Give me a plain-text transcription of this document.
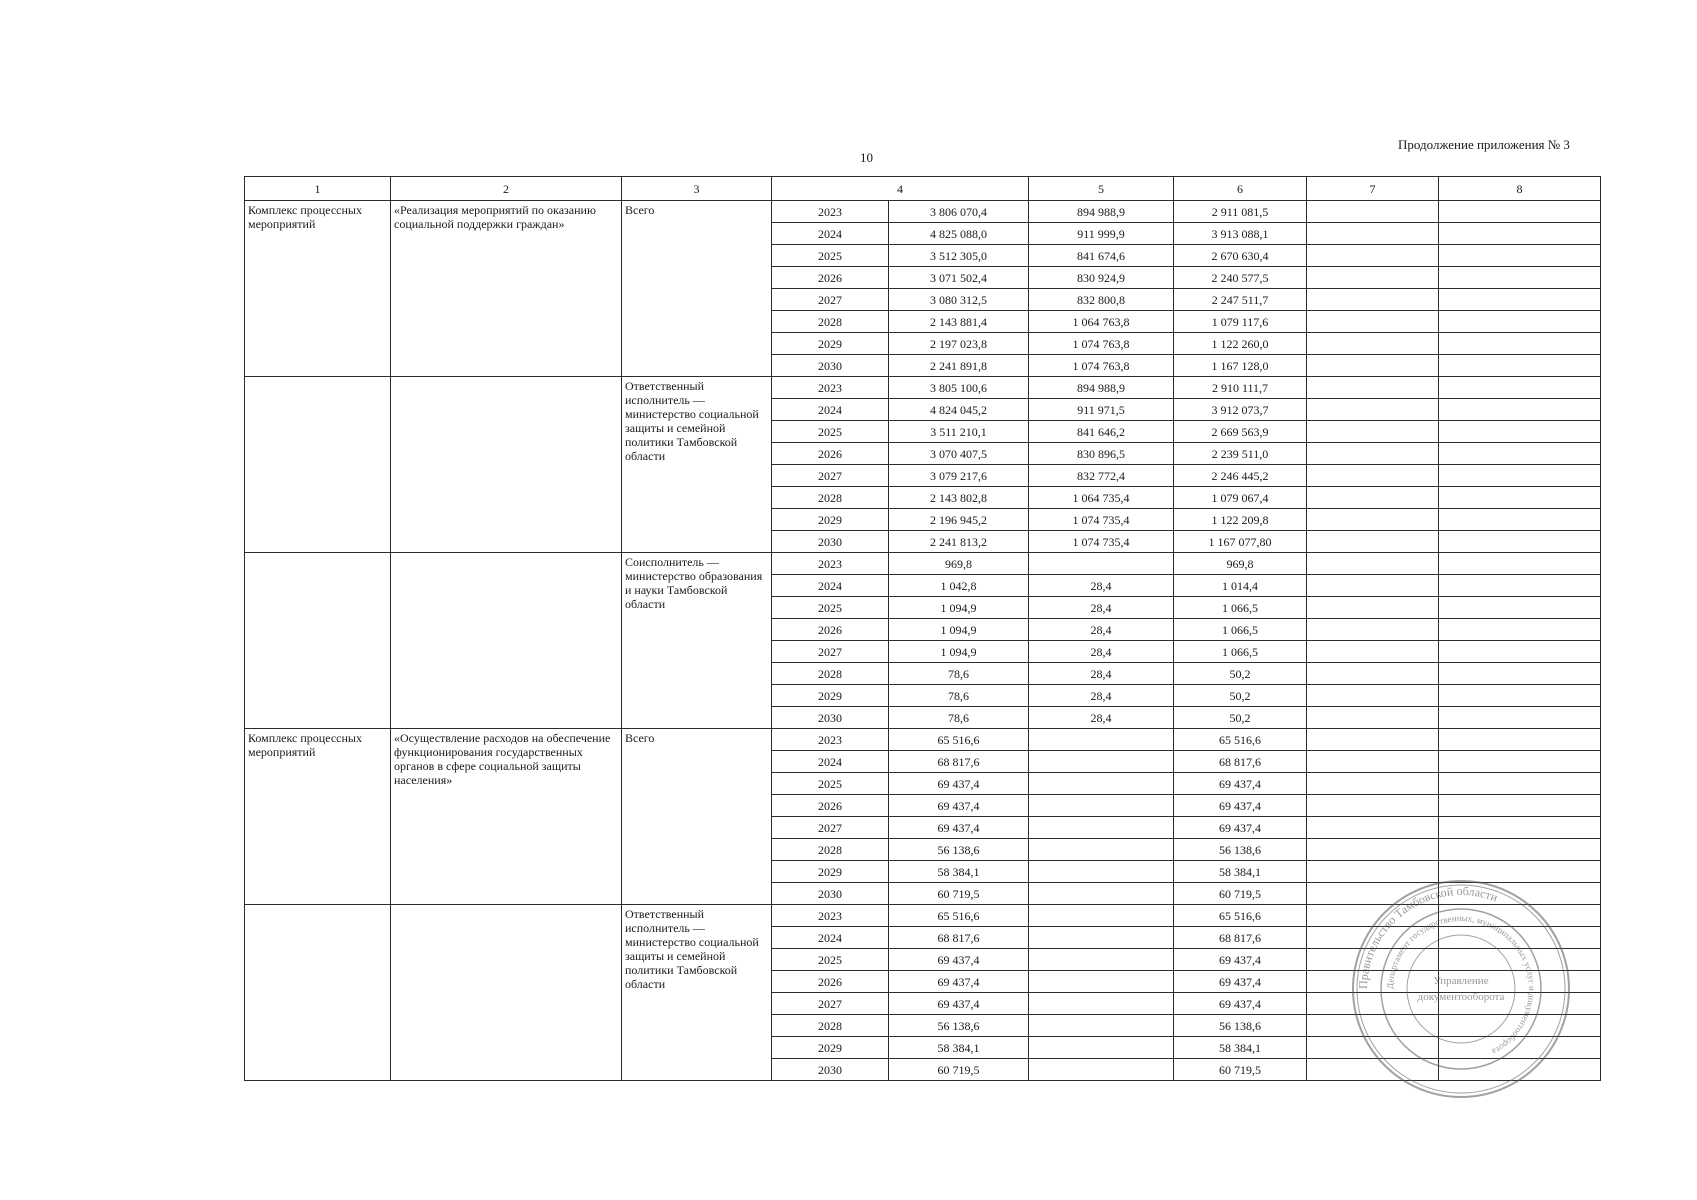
10
Продолжение приложения № 3
1	2	3	4		5	6	7	8
Комплекс процессных мероприятий	«Реализация мероприятий по оказанию социальной поддержки граждан»	Всего	2023	3 806 070,4	894 988,9	2 911 081,5		
			2024	4 825 088,0	911 999,9	3 913 088,1		
			2025	3 512 305,0	841 674,6	2 670 630,4		
			2026	3 071 502,4	830 924,9	2 240 577,5		
			2027	3 080 312,5	832 800,8	2 247 511,7		
			2028	2 143 881,4	1 064 763,8	1 079 117,6		
			2029	2 197 023,8	1 074 763,8	1 122 260,0		
			2030	2 241 891,8	1 074 763,8	1 167 128,0		
		Ответственный исполнитель — министерство социальной защиты и семейной политики Тамбовской области	2023	3 805 100,6	894 988,9	2 910 111,7		
			2024	4 824 045,2	911 971,5	3 912 073,7		
			2025	3 511 210,1	841 646,2	2 669 563,9		
			2026	3 070 407,5	830 896,5	2 239 511,0		
			2027	3 079 217,6	832 772,4	2 246 445,2		
			2028	2 143 802,8	1 064 735,4	1 079 067,4		
			2029	2 196 945,2	1 074 735,4	1 122 209,8		
			2030	2 241 813,2	1 074 735,4	1 167 077,80		
		Соисполнитель — министерство образования и науки Тамбовской области	2023	969,8		969,8		
			2024	1 042,8	28,4	1 014,4		
			2025	1 094,9	28,4	1 066,5		
			2026	1 094,9	28,4	1 066,5		
			2027	1 094,9	28,4	1 066,5		
			2028	78,6	28,4	50,2		
			2029	78,6	28,4	50,2		
			2030	78,6	28,4	50,2		
Комплекс процессных мероприятий	«Осуществление расходов на обеспечение функционирования государственных органов в сфере социальной защиты населения»	Всего	2023	65 516,6		65 516,6		
			2024	68 817,6		68 817,6		
			2025	69 437,4		69 437,4		
			2026	69 437,4		69 437,4		
			2027	69 437,4		69 437,4		
			2028	56 138,6		56 138,6		
			2029	58 384,1		58 384,1		
			2030	60 719,5		60 719,5		
		Ответственный исполнитель — министерство социальной защиты и семейной политики Тамбовской области	2023	65 516,6		65 516,6		
			2024	68 817,6		68 817,6		
			2025	69 437,4		69 437,4		
			2026	69 437,4		69 437,4		
			2027	69 437,4		69 437,4		
			2028	56 138,6		56 138,6		
			2029	58 384,1		58 384,1		
			2030	60 719,5		60 719,5		
Правительство Тамбовской области
Департамент государственных, муниципальных услуг и документооборота
Управление
документооборота
